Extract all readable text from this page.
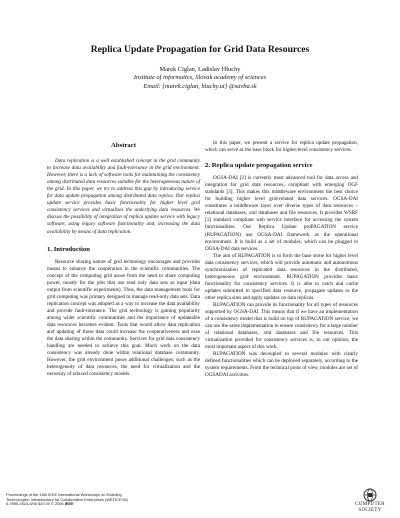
Replica Update Propagation for Grid Data Resources
Marek Ciglan, Ladislav Hluchy
Institute of informatics, Slovak academy of sciences
Email: {marek.ciglan, hluchy.ui} @savba.sk
Abstract

Data replication is a well established concept in the grid community to increase data availability and fault-tolerance in the grid environment. However, there is a lack of software tools for maintaining the consistency among distributed data resources suitable for the heterogeneous nature of the grid. In this paper, we try to address this gap by introducing service for data update propagation among distributed data replica. Our replica update service provides basic functionality for higher level grid consistency services and virtualizes the underlying data resources. We discuss the possibility of integration of replica update service with legacy software, using legacy software functionality and, increasing the data availability by means of data replication.

1. Introduction

Resource sharing nature of grid technology encourages and provides means to enhance the cooperation in the scientific communities. The concept of the computing grid arose from the need to share computing power, mostly for the jobs that use read only data sets as input (data output from scientific experiments). Thus, the data management tools for grid computing was primary designed to manage read-only data sets. Data replication concept was adopted as a way to increase the data availability and provide fault-tolerance. The grid technology is gaining popularity among wider scientific communities and the importance of updateable data resources becomes evident. Tools that would allow data replication and updating of those data could increase the cooperativeness and ease the data sharing within the community. Services for grid data consistency handling are needed to achieve this goal. Much work on the data consistency was already done within relational database community. However, the grid environment poses additional challenges; such as the heterogeneity of data resources, the need for virtualization and the necessity of relaxed consistency models.

In this paper, we present a service for replica update propagation, which can serve as the base block for higher-level consistency services.

2. Replica update propagation service

OGSA-DAI [2] is currently most advanced tool for data access and integration for grid data resources, compliant with emerging OGF standards [3]. This makes this middleware environment the best choice for building higher level grid-related data services. OGSA-DAI constitutes a middleware layer over diverse types of data resources – relational databases, xml databases and file resources. It provides WSRF [1] standard compliant web service interface for accessing the system functionalities. Our Replica Update proPAGATION service (RUPAGATION) use OGSA-DAI framework as the operational environment. It is build as a set of modules, which can be plugged in OGSA-DAI data services.

The aim of RUPAGATION is to form the base stone for higher level data consistency services, which will provide automatic and autonomous synchronization of replicated data resources in the distributed, heterogeneous grid environment. RUPAGATION provides basic functionality for consistency services. It is able to catch and cache updates submitted to specified data resource, propagate updates to the other replica sites and apply updates on data replicas.

RUPAGATION can provide its functionality for all types of resources supported by OGSA-DAI. This means that if we have an implementation of a consistency model that is build on top of RUPAGATION service, we can use the same implementation to ensure consistency for a large number of relational databases, xml databases and file resources. This virtualization provided for consistency services is, in our opinion, the most important aspect of this work.

RUPAGATION was decoupled to several modules with clearly defined functionalities which can be deployed separately, according to the system requirements. From the technical point of view, modules are set of OGSADAI activities.

Proceedings of the 15th IEEE International Workshops on Enabling
Technologies: Infrastructure for Collaborative Enterprises (WETICE'06)
0-7695-2623-3/06 $20.00 © 2006 IEEE	COMPUTER
SOCIETY
